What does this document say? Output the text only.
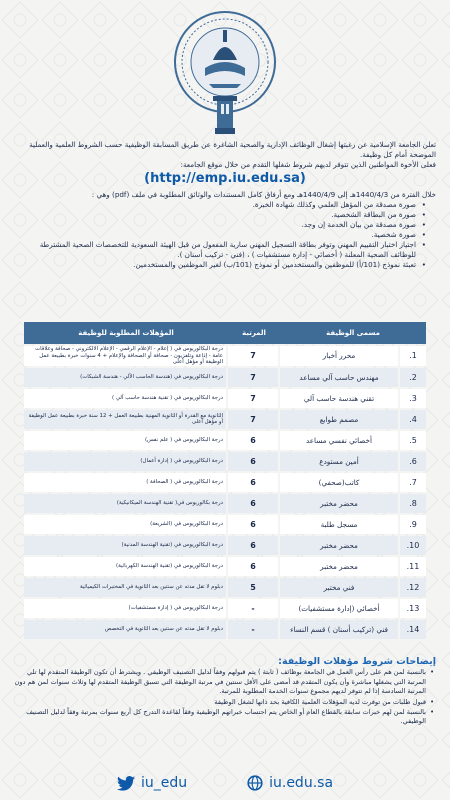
تعلن الجامعة الإسلامية عن رغبتها إشغال الوظائف الإدارية والصحية الشاغرة عن طريق المسابقة الوظيفية حسب الشروط العلمية والعملية الموضحة أمام كل وظيفة.

فعلى الأخوة المواطنين الذين تتوفر لديهم شروط شغلها التقدم من خلال موقع الجامعة:

(http://emp.iu.edu.sa)

خلال الفترة من 1440/4/3هـ إلى 1440/4/9هـ ومع أرفاق كامل المستندات والوثائق المطلوبة في ملف (pdf) وهي :

• صورة مصدقة من المؤهل العلمي وكذلك شهادة الخبرة.
• صورة من البطاقة الشخصية.
• صورة مصدقة من بيان الخدمة إن وجد.
• صورة شخصية.
• اجتياز اختبار التقييم المهني وتوفر بطاقة التسجيل المهني سارية المفعول من قبل الهيئة السعودية للتخصصات الصحية المشترطة للوظائف الصحية المعلنة ( أخصائي - إدارة مستشفيات ) ، (فني - تركيب أسنان ).
• تعبئة نموذج (101/أ) للموظفين والمستخدمين أو نموذج (101/ب) لغير الموظفين والمستخدمين.
مسمى الوظيفة		المرتبة	المؤهلات المطلوبة للوظيفة
1.	محرر أخبار	7	درجة البكالوريوس في ( إعلام - الإعلام الرقمي - الإعلام الالكتروني - صحافة وعلاقات عامة - إذاعة وتلفزيون - صحافة أو الصحافة والإعلام + 4 سنوات خبرة بطبيعة عمل الوظيفة أو مؤهل أعلى
2.	مهندس حاسب آلي مساعد	7	درجة البكالوريوس في (هندسة الحاسب الآلي - هندسة الشبكات)
3.	تقني هندسة حاسب آلي	7	درجة البكالوريوس في ( تقنية هندسة حاسب آلي )
4.	مصمم طوابع	7	الثانوية مع القدرة أو الثانوية المهنية بطبيعة العمل + 12 سنة خبرة بطبيعة عمل الوظيفة أو مؤهل أعلى
5.	أخصائي نفسي مساعد	6	درجة البكالوريوس في ( علم نفس)
6.	أمين مستودع	6	درجة البكالوريوس في ( إدارة أعمال)
7.	كاتب(صحفي)	6	درجة البكالوريوس في ( الصحافة )
8.	محضر مختبر	6	درجة بكالوريوس في( تقنية الهندسة الميكانيكية)
9.	مسجل طلبة	6	درجة البكالوريوس في (الشريعة)
10.	محضر مختبر	6	درجة البكالوريوس في (تقنية الهندسة المدنية)
11.	محضر مختبر	6	درجة البكالوريوس في (تقنية الهندسة الكهربائية)
12.	فني مختبر	5	دبلوم لا تقل مدته عن سنتين بعد الثانوية في المختبرات الكيميائية
13.	أخصائي (إدارة مستشفيات)	-	درجة البكالوريوس في ( إدارة مستشفيات)
14.	فني (تركيب أسنان ) قسم النساء	-	دبلوم لا تقل مدته عن سنتين بعد الثانوية في التخصص
إيضاحات شروط مؤهلات الوظيفة:
• بالنسبة لمن هم على رأس العمل في الجامعة بوظائف ( ثابتة ) يتم قبولهم وفقاً لدليل التصنيف الوظيفي . ويشترط أن تكون الوظيفة المتقدم لها تلي المرتبة التي يشغلها مباشرة وأن يكون المتقدم قد أمضى على الأقل سنتين في مرتبة الوظيفة التي تسبق الوظيفة المتقدم لها وثلاث سنوات لمن هم دون المرتبة السادسة إذا لم تتوفر لديهم مجموع سنوات الخدمة المطلوبة للمرتبة.
• قبول طلبات من توفرت لديه المؤهلات العلمية الكافية بحد ذاتها لشغل الوظيفة
• بالنسبة لمن لهم خبرات سابقة بالقطاع العام أو الخاص يتم احتساب خبراتهم الوظيفية وفقاً لقاعدة التدرج كل أربع سنوات بمرتبة وفقاً لدليل التصنيف الوظيفي.
iu_edu	iu.edu.sa
